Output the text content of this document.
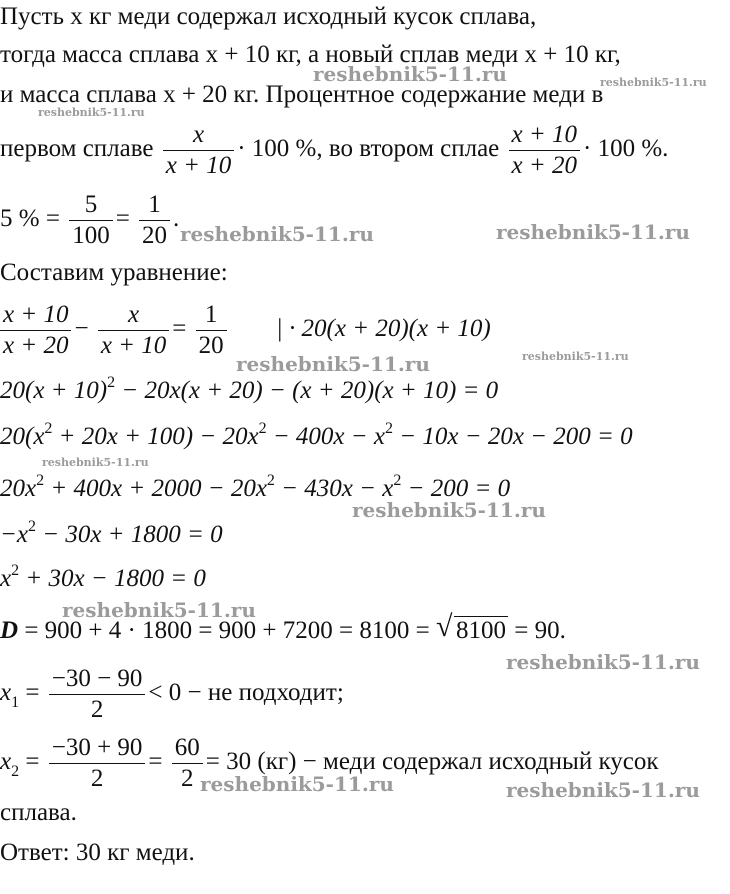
Пусть x кг меди содержал исходный кусок сплава,
тогда масса сплава x + 10 кг, а новый сплав меди x + 10 кг,
и масса сплава x + 20 кг. Процентное содержание меди в
первом сплаве $\frac{x}{x + 10} \cdot 100$ %, во втором сплае $\frac{x + 10}{x + 20} \cdot 100$ %.
5 % = $\frac{5}{100} = \frac{1}{20}$ .
Составим уравнение:
$\frac{x + 10}{x + 20} - \frac{x}{x + 10} = \frac{1}{20}$ | · 20(x + 20)(x + 10)
$20(x + 10)^2 - 20x(x + 20) - (x + 20)(x + 10) = 0$
$20(x^2 + 20x + 100) - 20x^2 - 400x - x^2 - 10x - 20x - 200 = 0$
$20x^2 + 400x + 2000 - 20x^2 - 430x - x^2 - 200 = 0$
$-x^2 - 30x + 1800 = 0$
$x^2 + 30x - 1800 = 0$
D = 900 + 4 · 1800 = 900 + 7200 = 8100 = √ 8100 = 90.
$x_1 = \frac{-30 - 90}{2} < 0$ − не подходит;
$x_2 = \frac{-30 + 90}{2} = \frac{60}{2} = 30$ (кг) − меди содержал исходный кусок
сплава.
Ответ: 30 кг меди.
reshebnik5-11.ru	reshebnik5-11.ru
reshebnik5-11.ru
reshebnik5-11.ru	reshebnik5-11.ru
reshebnik5-11.ru	reshebnik5-11.ru
reshebnik5-11.ru
reshebnik5-11.ru
reshebnik5-11.ru
reshebnik5-11.ru
reshebnik5-11.ru	reshebnik5-11.ru
